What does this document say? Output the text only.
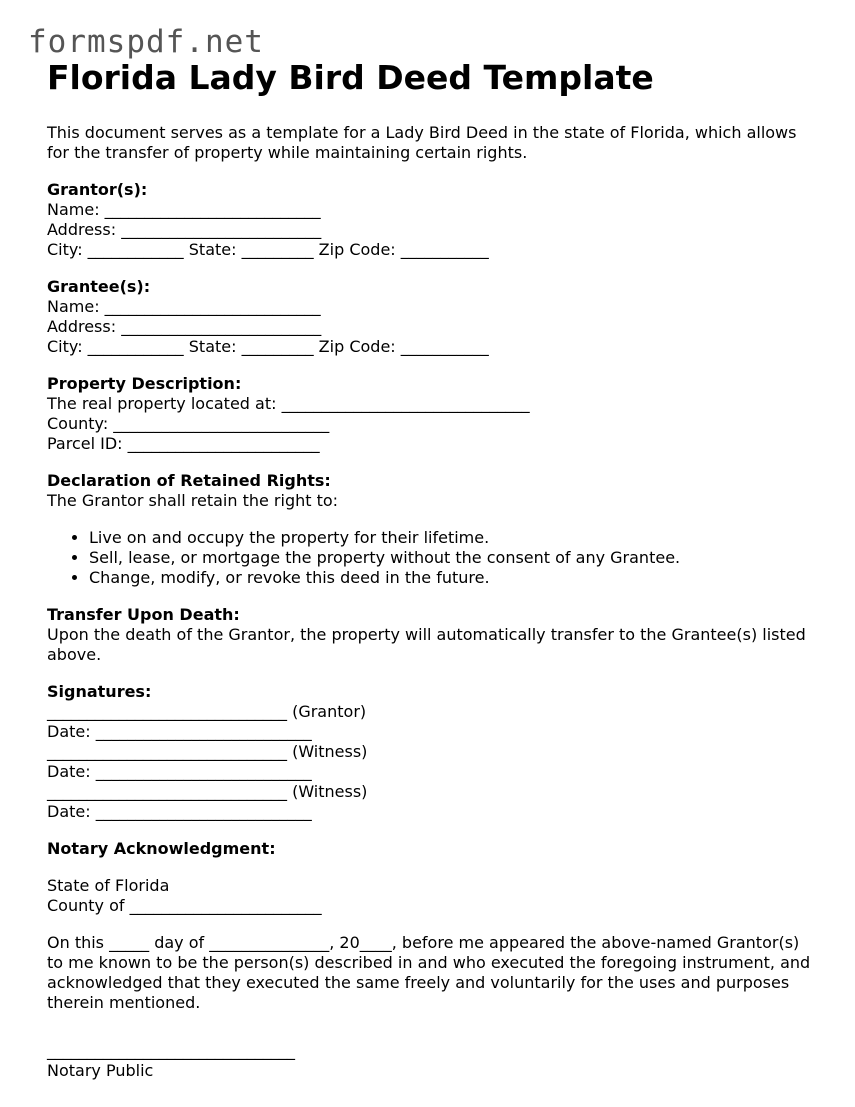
formspdf.net
Florida Lady Bird Deed Template
This document serves as a template for a Lady Bird Deed in the state of Florida, which allows for the transfer of property while maintaining certain rights.
Grantor(s):
Name: ___________________________
Address: _________________________
City: ____________ State: _________ Zip Code: ___________
Grantee(s):
Name: ___________________________
Address: _________________________
City: ____________ State: _________ Zip Code: ___________
Property Description:
The real property located at: _______________________________
County: ___________________________
Parcel ID: ________________________
Declaration of Retained Rights:
The Grantor shall retain the right to:
• Live on and occupy the property for their lifetime.
• Sell, lease, or mortgage the property without the consent of any Grantee.
• Change, modify, or revoke this deed in the future.
Transfer Upon Death:
Upon the death of the Grantor, the property will automatically transfer to the Grantee(s) listed above.
Signatures:
______________________________ (Grantor)
Date: ___________________________
______________________________ (Witness)
Date: ___________________________
______________________________ (Witness)
Date: ___________________________
Notary Acknowledgment:
State of Florida
County of ________________________
On this _____ day of _______________, 20____, before me appeared the above-named Grantor(s) to me known to be the person(s) described in and who executed the foregoing instrument, and acknowledged that they executed the same freely and voluntarily for the uses and purposes therein mentioned.
_______________________________
Notary Public
